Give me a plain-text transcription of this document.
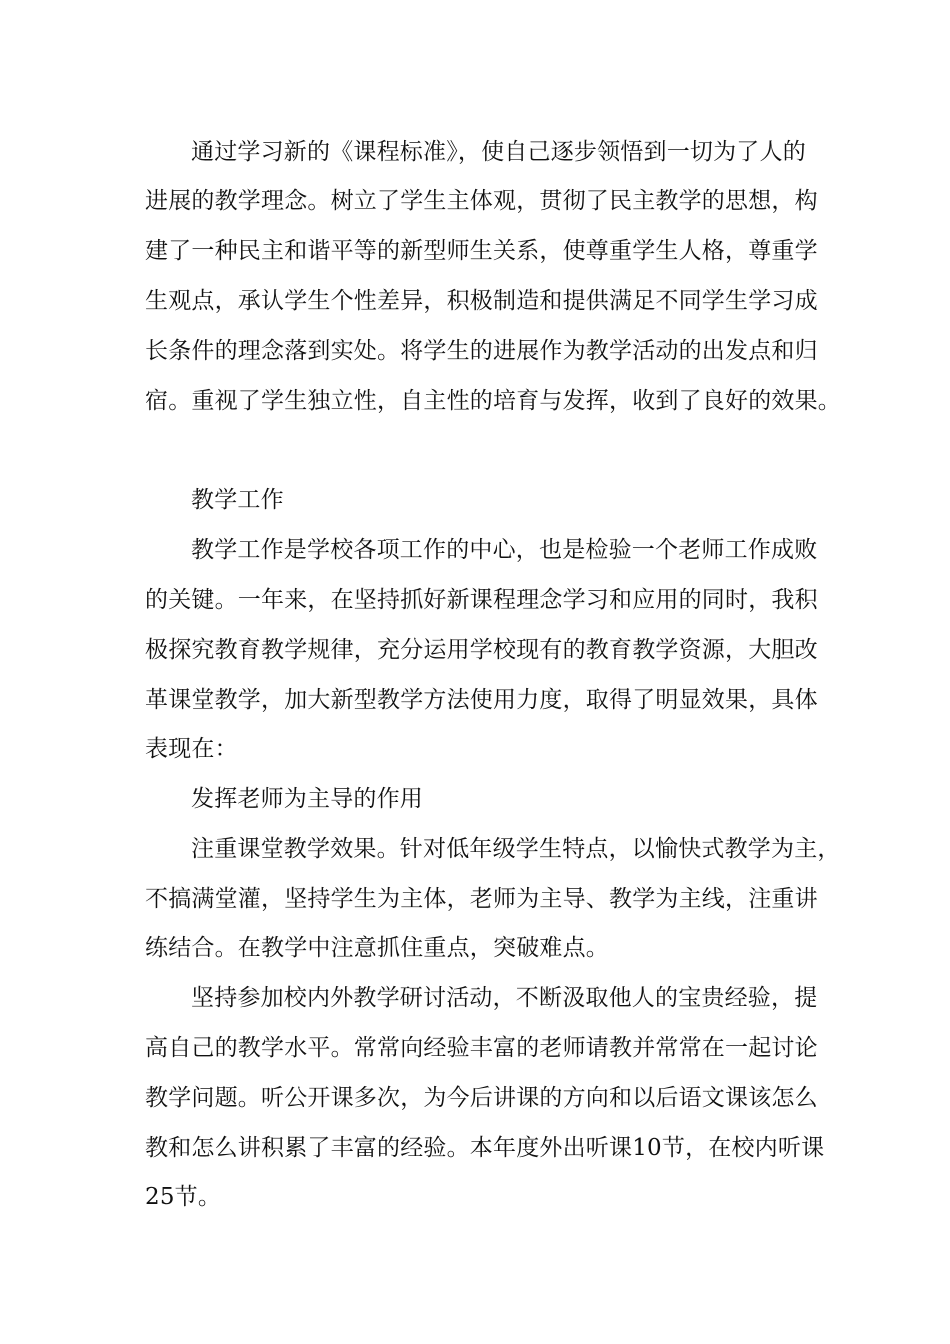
通过学习新的《课程标准》，使自己逐步领悟到一切为了人的
进展的教学理念。树立了学生主体观，贯彻了民主教学的思想，构
建了一种民主和谐平等的新型师生关系，使尊重学生人格，尊重学
生观点，承认学生个性差异，积极制造和提供满足不同学生学习成
长条件的理念落到实处。将学生的进展作为教学活动的出发点和归
宿。重视了学生独立性，自主性的培育与发挥，收到了良好的效果。
教学工作
教学工作是学校各项工作的中心，也是检验一个老师工作成败
的关键。一年来，在坚持抓好新课程理念学习和应用的同时，我积
极探究教育教学规律，充分运用学校现有的教育教学资源，大胆改
革课堂教学，加大新型教学方法使用力度，取得了明显效果，具体
表现在：
发挥老师为主导的作用
注重课堂教学效果。针对低年级学生特点，以愉快式教学为主，
不搞满堂灌，坚持学生为主体，老师为主导、教学为主线，注重讲
练结合。在教学中注意抓住重点，突破难点。
坚持参加校内外教学研讨活动，不断汲取他人的宝贵经验，提
高自己的教学水平。常常向经验丰富的老师请教并常常在一起讨论
教学问题。听公开课多次，为今后讲课的方向和以后语文课该怎么
教和怎么讲积累了丰富的经验。本年度外出听课10节，在校内听课
25节。
